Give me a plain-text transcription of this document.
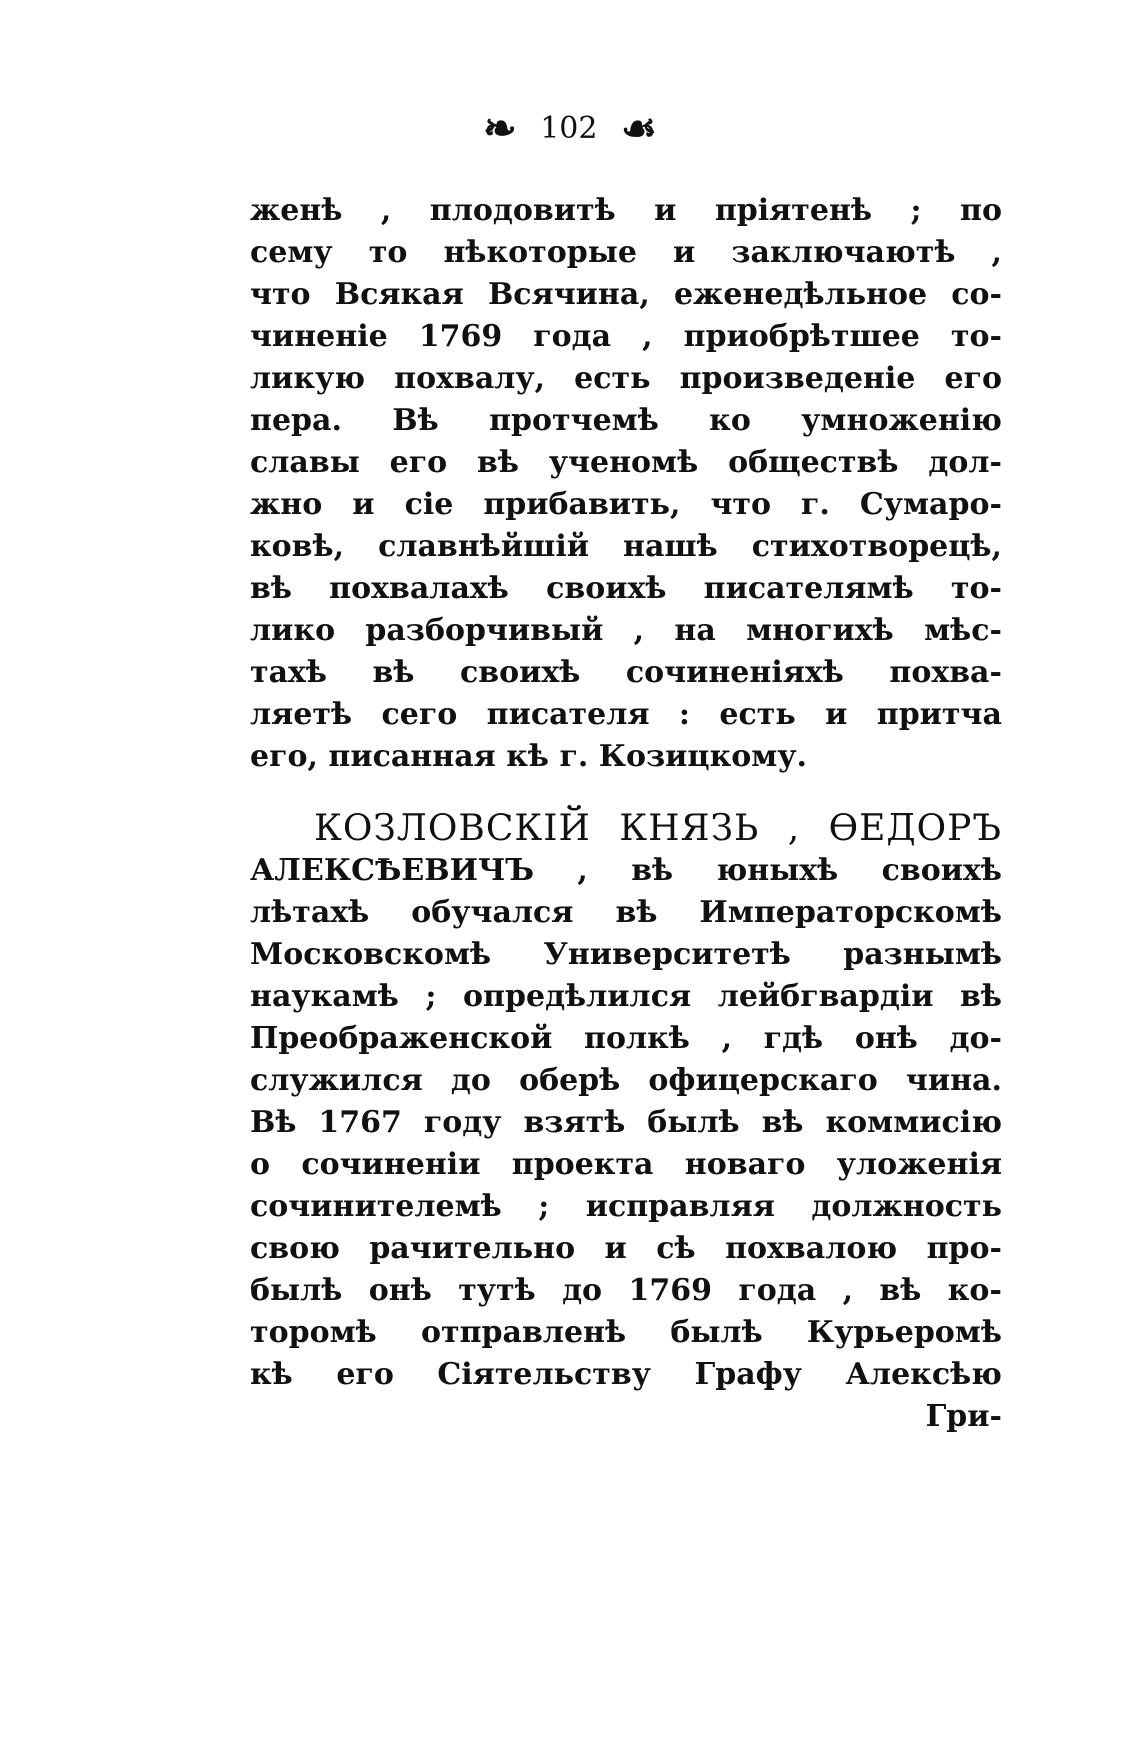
❧ 102 ☙
женѣ , плодовитѣ и пріятенѣ ; по
сему то нѣкоторые и заключаютѣ ,
что Всякая Всячина, еженедѣльное со-
чиненіе 1769 года , приобрѣтшее то-
ликую похвалу, есть произведеніе его
пера. Вѣ протчемѣ ко умноженію
славы его вѣ ученомѣ обществѣ дол-
жно и сіе прибавить, что г. Сумаро-
ковѣ, славнѣйшій нашѣ стихотворецѣ,
вѣ похвалахѣ своихѣ писателямѣ то-
лико разборчивый , на многихѣ мѣс-
тахѣ вѣ своихѣ сочиненіяхѣ похва-
ляетѣ сего писателя : есть и притча
его, писанная кѣ г. Козицкому.
КОЗЛОВСКІЙ КНЯЗЬ , ѲЕДОРЪ
АЛЕКСѢЕВИЧЪ , вѣ юныхѣ своихѣ
лѣтахѣ обучался вѣ Императорскомѣ
Московскомѣ Университетѣ разнымѣ
наукамѣ ; опредѣлился лейбгвардіи вѣ
Преображенской полкѣ , гдѣ онѣ до-
служился до оберѣ офицерскаго чина.
Вѣ 1767 году взятѣ былѣ вѣ коммисію
о сочиненіи проекта новаго уложенія
сочинителемѣ ; исправляя должность
свою рачительно и сѣ похвалою про-
былѣ онѣ тутѣ до 1769 года , вѣ ко-
торомѣ отправленѣ былѣ Курьеромѣ
кѣ его Сіятельству Графу Алексѣю
Гри-
